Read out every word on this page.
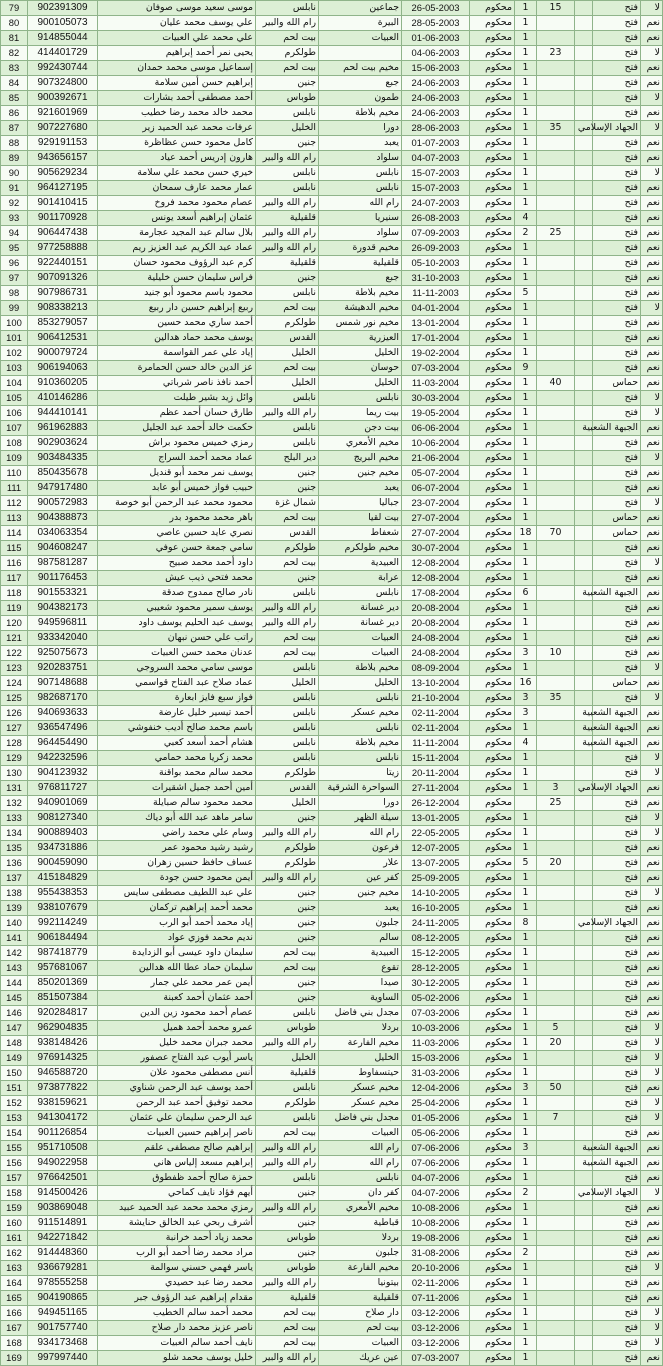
79	902391309	موسى سعيد موسى صوفان	نابلس	جماعين	26-05-2003	محكوم	1	15		فتح	لا
80	900105073	علي يوسف محمد عليان	رام الله والبير	البيرة	28-05-2003	محكوم	1			فتح	نعم
81	914855044	علي محمد علي العبيات	بيت لحم	العبيات	01-06-2003	محكوم	1			فتح	نعم
82	414401729	يحيى نمر أحمد إبراهيم	طولكرم		04-06-2003	محكوم	1	23		فتح	لا
83	992430744	إسماعيل موسى محمد حمدان	بيت لحم	مخيم بيت لحم	15-06-2003	محكوم	1			فتح	نعم
84	907324800	إبراهيم حسن أمين سلامة	جنين	جبع	24-06-2003	محكوم	1			فتح	نعم
85	900392671	أحمد مصطفى أحمد بشارات	طوباس	طمون	24-06-2003	محكوم	1			فتح	لا
86	921601969	محمد خالد محمد رضا خطيب	نابلس	مخيم بلاطة	24-06-2003	محكوم	1			فتح	نعم
87	907227680	عرفات محمد عبد الحميد زير	الخليل	دورا	28-06-2003	محكوم	1	35		الجهاد الإسلامي	لا
88	929191153	كامل محمود حسن عظاظرة	جنين	يعبد	01-07-2003	محكوم	1			فتح	نعم
89	943656157	هارون إدريس أحمد عياد	رام الله والبير	سلواد	04-07-2003	محكوم	1			فتح	نعم
90	905629234	خيري حسن محمد علي سلامة	نابلس	نابلس	15-07-2003	محكوم	1			فتح	لا
91	964127195	عمار محمد عارف سمحان	نابلس	نابلس	15-07-2003	محكوم	1			فتح	نعم
92	901410415	عصام محمود محمد فروخ	رام الله والبير	رام الله	24-07-2003	محكوم	1			فتح	نعم
93	901170928	عثمان إبراهيم أسعد يونس	قلقيلية	سنيريا	26-08-2003	محكوم	4			فتح	نعم
94	906447438	بلال سالم عبد المجيد عجارمة	رام الله والبير	سلواد	07-09-2003	محكوم	2	25		فتح	نعم
95	977258888	عماد عبد الكريم عبد العزيز ريم	رام الله والبير	مخيم قدورة	26-09-2003	محكوم	1			فتح	نعم
96	922440151	كرم عبد الرؤوف محمود حسان	قلقيلية	قلقيلية	05-10-2003	محكوم	1			فتح	نعم
97	907091326	فراس سليمان حسن خليلية	جنين	جبع	31-10-2003	محكوم	1			فتح	نعم
98	907986731	محمود باسم محمود أبو جنيد	نابلس	مخيم بلاطة	11-11-2003	محكوم	5			فتح	نعم
99	908338213	ربيع إبراهيم حسين دار ربيع	بيت لحم	مخيم الدهيشة	04-01-2004	محكوم	1			فتح	لا
100	853279057	أحمد ساري محمد حسين	طولكرم	مخيم نور شمس	13-01-2004	محكوم	1			فتح	نعم
101	906412531	يوسف محمد حماد هدالين	القدس	العيزرية	17-01-2004	محكوم	1			فتح	نعم
102	900079724	إياد علي عمر القواسمة	الخليل	الخليل	19-02-2004	محكوم	1			فتح	نعم
103	906194063	عز الدين خالد حسن الحمامرة	بيت لحم	حوسان	07-03-2004	محكوم	9			فتح	نعم
104	910360205	أحمد نافذ ناصر شرباتي	الخليل	الخليل	11-03-2004	محكوم	1	40		حماس	نعم
105	410146286	وائل زيد بشير طيلت	نابلس	نابلس	30-03-2004	محكوم	1			فتح	لا
106	944410141	طارق حسان أحمد عظم	رام الله والبير	بيت ريما	19-05-2004	محكوم	1			فتح	لا
107	961962883	حكمت خالد أحمد عبد الجليل	نابلس	بيت دجن	06-06-2004	محكوم	1			الجبهة الشعبية	نعم
108	902903624	رمزي خميس محمود براش	نابلس	مخيم الأمعري	10-06-2004	محكوم	1			فتح	نعم
109	903484335	عماد محمد أحمد السراج	دير البلح	مخيم البريج	21-06-2004	محكوم	1			فتح	لا
110	850435678	يوسف نمر محمد أبو قنديل	جنين	مخيم جنين	05-07-2004	محكوم	1			فتح	نعم
111	947917480	حبيب فواز خميس أبو عابد	جنين	يعبد	06-07-2004	محكوم	1			فتح	نعم
112	900572983	محمود محمد عبد الرحمن أبو خوصة	شمال غزة	جباليا	23-07-2004	محكوم	1			فتح	لا
113	904388873	باهر محمد محمود بدر	بيت لحم	بيت لقيا	27-07-2004	محكوم	1			حماس	نعم
114	034063354	نصري عايد حسين عاصي	القدس	شعفاط	27-07-2004	محكوم	18	70		حماس	نعم
115	904608247	سامي جمعة حسن عوفي	طولكرم	مخيم طولكرم	30-07-2004	محكوم	1			فتح	نعم
116	987581287	داود أحمد محمد صبيح	بيت لحم	العبيدية	12-08-2004	محكوم	1			فتح	لا
117	901176453	محمد فتحي ذيب عيش	جنين	عرابة	12-08-2004	محكوم	1			فتح	نعم
118	901553321	نادر صالح ممدوح صدقة	نابلس	نابلس	17-08-2004	محكوم	6			الجبهة الشعبية	نعم
119	904382173	يوسف سمير محمود شعيبي	رام الله والبير	دير غسانة	20-08-2004	محكوم	1			فتح	نعم
120	949596811	يوسف عبد الحليم يوسف داود	رام الله والبير	دير غسانة	20-08-2004	محكوم	1			فتح	نعم
121	933342040	راتب علي حسن نبهان	بيت لحم	العبيات	24-08-2004	محكوم	1			فتح	نعم
122	925075673	عدنان محمد حسن العبيات	بيت لحم	العبيات	24-08-2004	محكوم	3	10		فتح	نعم
123	920283751	موسى سامي محمد السروجي	نابلس	مخيم بلاطة	08-09-2004	محكوم	1			فتح	لا
124	907148688	عماد صلاح عبد الفتاح قواسمي	الخليل	الخليل	13-10-2004	محكوم	16			حماس	نعم
125	982687170	فواز سبع فايز ابعارة	نابلس	نابلس	21-10-2004	محكوم	3	35		فتح	لا
126	940693633	أحمد تيسير خليل عارضة	نابلس	مخيم عسكر	02-11-2004	محكوم	3			الجبهة الشعبية	نعم
127	936547496	باسم محمد صالح أديب خنفوشي	نابلس	نابلس	02-11-2004	محكوم	1			الجبهة الشعبية	نعم
128	964454490	هشام أحمد أسعد كعبي	نابلس	مخيم بلاطة	11-11-2004	محكوم	4			الجبهة الشعبية	نعم
129	942232596	محمد زكريا محمد حمامي	نابلس	نابلس	15-11-2004	محكوم	1			فتح	لا
130	904123932	محمد سالم محمد بواقنة	طولكرم	زيتا	20-11-2004	محكوم	1			فتح	لا
131	976811727	أمين أحمد جميل اشقيرات	القدس	السواحرة الشرقية	27-11-2004	محكوم	1	3		الجهاد الإسلامي	نعم
132	940901069	محمد محمود سالم صبايلة	الخليل	دورا	26-12-2004	محكوم		25		فتح	نعم
133	908127340	سامر ماهد عبد الله أبو دياك	جنين	سيلة الظهر	13-01-2005	محكوم	1			فتح	لا
134	900889403	وسام علي محمد راضي	رام الله والبير	رام الله	22-05-2005	محكوم	1			فتح	لا
135	934731886	رشيد رشيد محمود عمر	طولكرم	فرعون	12-07-2005	محكوم	1			فتح	نعم
136	900459090	عساف حافظ حسين زهران	طولكرم	علار	13-07-2005	محكوم	5	20		فتح	نعم
137	415184829	أيمن محمود حسن جودة	رام الله والبير	كفر عين	25-09-2005	محكوم	1			فتح	نعم
138	955438353	علي عبد اللطيف مصطفى سايس	جنين	مخيم جنين	14-10-2005	محكوم	1			فتح	لا
139	938107679	محمد أحمد إبراهيم تركمان	جنين	يعبد	16-10-2005	محكوم	1			فتح	نعم
140	992114249	إياد محمد أحمد أبو الرب	جنين	جلبون	24-11-2005	محكوم	8			الجهاد الإسلامي	نعم
141	906184494	نديم محمد فوزي عواد	جنين	سالم	08-12-2005	محكوم	1			فتح	نعم
142	987418779	سليمان داود عيسى أبو الزدايدة	بيت لحم	العبيدية	15-12-2005	محكوم	1			فتح	نعم
143	957681067	سليمان حماد عطا الله هدالين	بيت لحم	تقوع	28-12-2005	محكوم	1			فتح	نعم
144	850201369	أيمن عمر محمد علي جمار	جنين	صيدا	30-12-2005	محكوم	1			فتح	نعم
145	851507384	أحمد عثمان أحمد كعبنة	جنين	الساوية	05-02-2006	محكوم	1			فتح	نعم
146	920284817	عصام أحمد محمود زين الدين	نابلس	مجدل بني فاضل	07-03-2006	محكوم	1			فتح	نعم
147	962904835	عمرو محمد أحمد هميل	طوباس	بردلا	10-03-2006	محكوم	1	5		فتح	لا
148	938148426	محمد جبران محمد خليل	رام الله والبير	مخيم الفارعة	11-03-2006	محكوم	1	20		فتح	لا
149	976914325	ياسر أيوب عبد الفتاح عصفور	الخليل	الخليل	15-03-2006	محكوم	1			فتح	لا
150	946588720	أنس مصطفى محمود علان	قلقيلية	حيتسفاوط	31-03-2006	محكوم	1			فتح	لا
151	973877822	أحمد يوسف عبد الرحمن شناوي	نابلس	مخيم عسكر	12-04-2006	محكوم	3	50		فتح	نعم
152	938159621	محمد توفيق أحمد عبد الرحمن	طولكرم	مخيم عسكر	25-04-2006	محكوم	1			فتح	لا
153	941304172	عبد الرحمن سليمان علي عثمان	نابلس	مجدل بني فاضل	01-05-2006	محكوم	1	7		فتح	لا
154	901126854	ناصر إبراهيم حسين العبيات	بيت لحم	العبيات	05-06-2006	محكوم	1			فتح	نعم
155	951710508	إبراهيم صالح مصطفى علقم	رام الله والبير	رام الله	07-06-2006	محكوم	3			الجبهة الشعبية	نعم
156	949022958	إبراهيم مسعد إلياس هاني	رام الله والبير	رام الله	07-06-2006	محكوم	1			الجبهة الشعبية	نعم
157	976642501	حمزة صالح أحمد ظفطوق	نابلس	نابلس	04-07-2006	محكوم	1			فتح	نعم
158	914500426	أيهم فؤاد نايف كماحي	جنين	كفر دان	04-07-2006	محكوم	2			الجهاد الإسلامي	لا
159	903869048	رمزي محمد محمد عبد الحميد عبيد	رام الله والبير	مخيم الأمعري	10-08-2006	محكوم	1			فتح	نعم
160	911514891	أشرف ربحي عبد الخالق حنايشة	جنين	قباطية	10-08-2006	محكوم	1			فتح	نعم
161	942271842	محمد زياد أحمد خرانبة	طوباس	بردلا	19-08-2006	محكوم	1			فتح	نعم
162	914448360	مراد محمد رضا أحمد أبو الرب	جنين	جلبون	31-08-2006	محكوم	2			فتح	نعم
163	936679281	ياسر فهمي حسني سوالمة	طوباس	مخيم الفارعة	20-10-2006	محكوم	1			فتح	لا
164	978555258	محمد رضا عبد حصيدي	رام الله والبير	بيتونيا	02-11-2006	محكوم	1			فتح	نعم
165	904190865	مقدام إبراهيم عبد الرؤوف جبر	قلقيلية	قلقيلية	07-11-2006	محكوم	1			فتح	نعم
166	949451165	محمد أحمد سالم الخطيب	بيت لحم	دار صلاح	03-12-2006	محكوم	1			فتح	لا
167	901757740	ناصر عزيز محمد دار صلاح	بيت لحم	بيت لحم	03-12-2006	محكوم	1			فتح	لا
168	934173468	نايف أحمد سالم العبيات	بيت لحم	العبيات	03-12-2006	محكوم	1			فتح	لا
169	997997440	خليل يوسف محمد شلو	رام الله والبير	عين عريك	07-03-2007	محكوم	1			فتح	نعم
